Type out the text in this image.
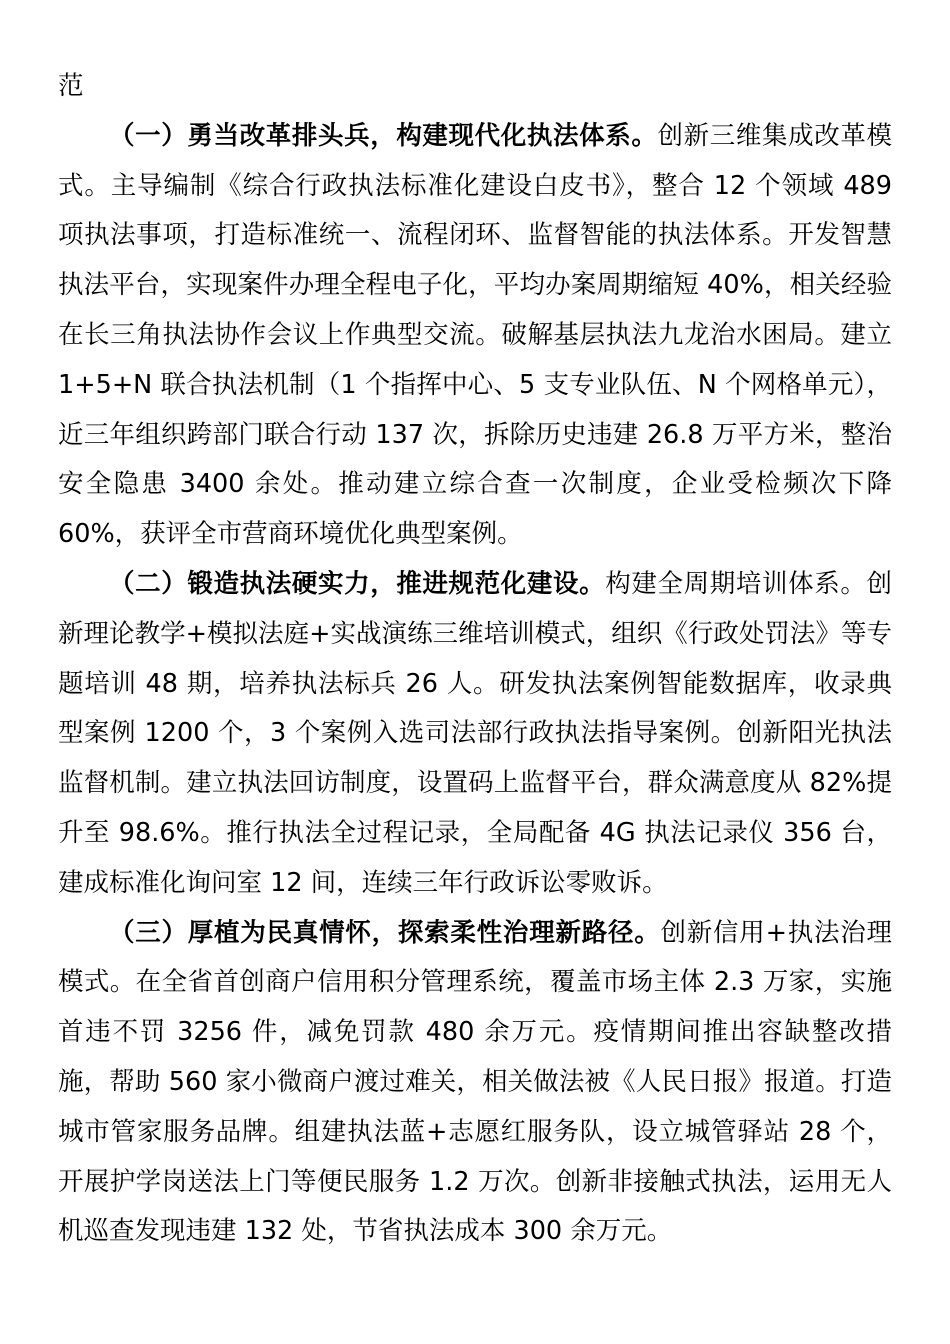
范

（一）勇当改革排头兵，构建现代化执法体系。创新三维集成改革模式。主导编制《综合行政执法标准化建设白皮书》，整合 12 个领域 489 项执法事项，打造标准统一、流程闭环、监督智能的执法体系。开发智慧执法平台，实现案件办理全程电子化，平均办案周期缩短 40%，相关经验在长三角执法协作会议上作典型交流。破解基层执法九龙治水困局。建立 1+5+N 联合执法机制（1 个指挥中心、5 支专业队伍、N 个网格单元），近三年组织跨部门联合行动 137 次，拆除历史违建 26.8 万平方米，整治安全隐患 3400 余处。推动建立综合查一次制度，企业受检频次下降 60%，获评全市营商环境优化典型案例。

（二）锻造执法硬实力，推进规范化建设。构建全周期培训体系。创新理论教学+模拟法庭+实战演练三维培训模式，组织《行政处罚法》等专题培训 48 期，培养执法标兵 26 人。研发执法案例智能数据库，收录典型案例 1200 个，3 个案例入选司法部行政执法指导案例。创新阳光执法监督机制。建立执法回访制度，设置码上监督平台，群众满意度从 82%提升至 98.6%。推行执法全过程记录，全局配备 4G 执法记录仪 356 台，建成标准化询问室 12 间，连续三年行政诉讼零败诉。

（三）厚植为民真情怀，探索柔性治理新路径。创新信用+执法治理模式。在全省首创商户信用积分管理系统，覆盖市场主体 2.3 万家，实施首违不罚 3256 件，减免罚款 480 余万元。疫情期间推出容缺整改措施，帮助 560 家小微商户渡过难关，相关做法被《人民日报》报道。打造城市管家服务品牌。组建执法蓝+志愿红服务队，设立城管驿站 28 个，开展护学岗送法上门等便民服务 1.2 万次。创新非接触式执法，运用无人机巡查发现违建 132 处，节省执法成本 300 余万元。
